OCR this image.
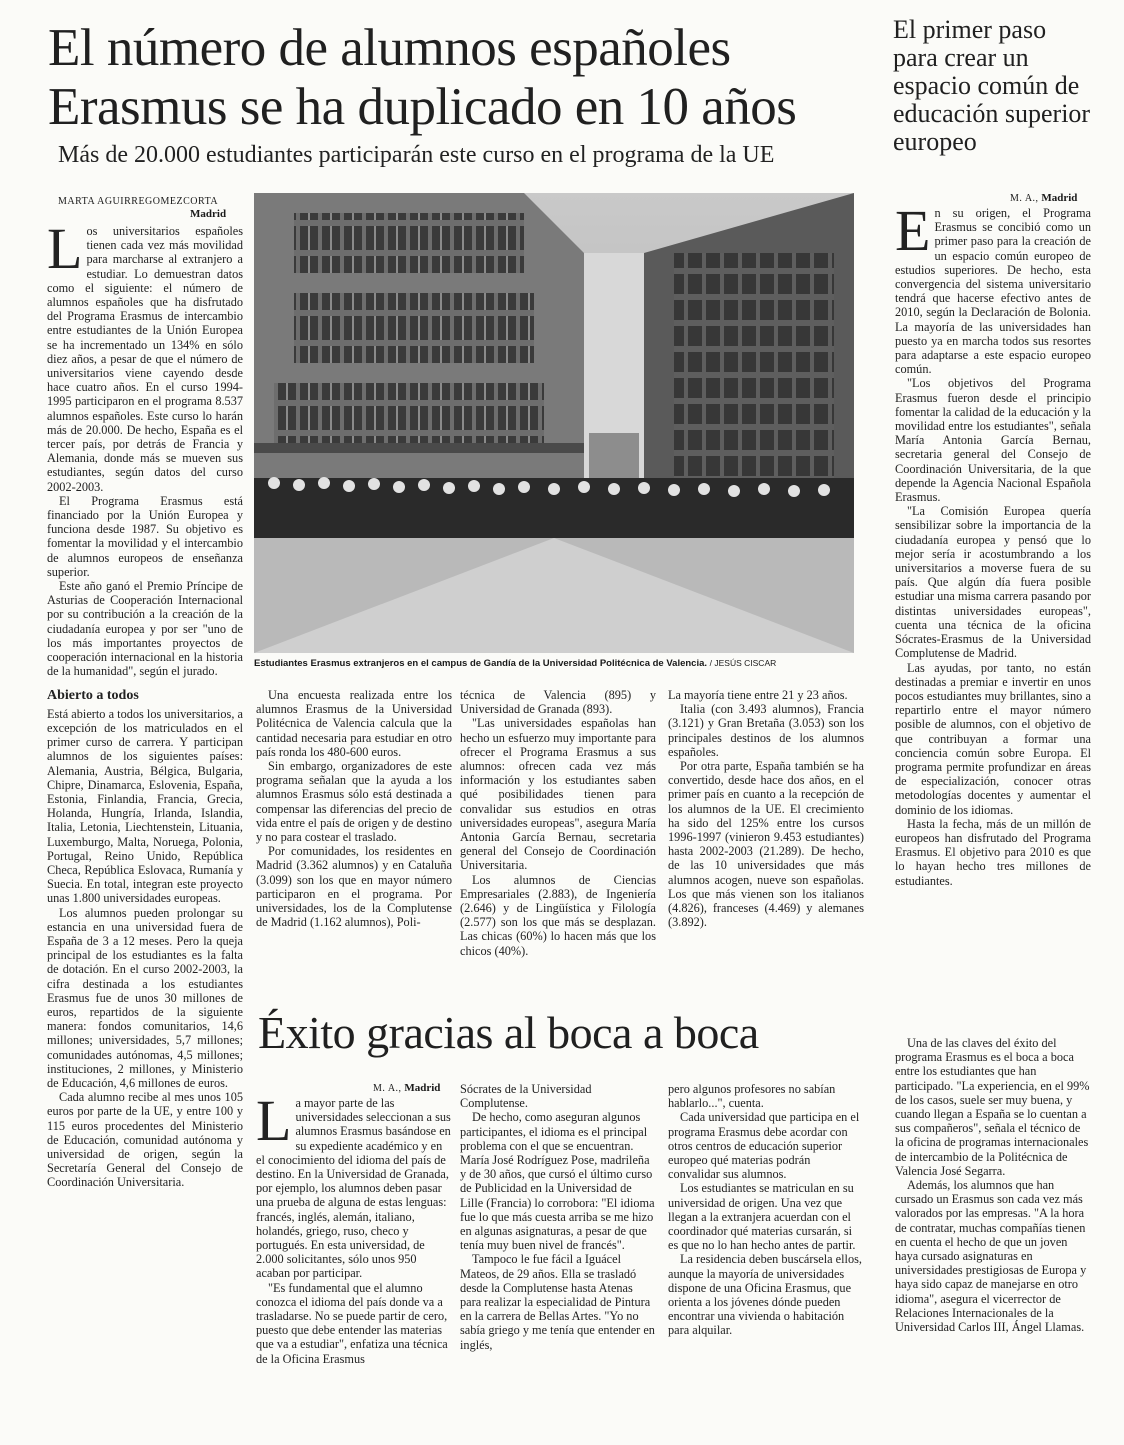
El número de alumnos españoles
Erasmus se ha duplicado en 10 años
Más de 20.000 estudiantes participarán este curso en el programa de la UE
El primer paso para crear un espacio común de educación superior europeo
MARTA AGUIRREGOMEZCORTA
Madrid
L os universitarios españoles tienen cada vez más movilidad para marcharse al extranjero a estudiar. Lo demuestran datos como el siguiente: el número de alumnos españoles que ha disfrutado del Programa Erasmus de intercambio entre estudiantes de la Unión Europea se ha incrementado un 134% en sólo diez años, a pesar de que el número de universitarios viene cayendo desde hace cuatro años. En el curso 1994-1995 participaron en el programa 8.537 alumnos españoles. Este curso lo harán más de 20.000. De hecho, España es el tercer país, por detrás de Francia y Alemania, donde más se mueven sus estudiantes, según datos del curso 2002-2003.

El Programa Erasmus está financiado por la Unión Europea y funciona desde 1987. Su objetivo es fomentar la movilidad y el intercambio de alumnos europeos de enseñanza superior.

Este año ganó el Premio Príncipe de Asturias de Cooperación Internacional por su contribución a la creación de la ciudadanía europea y por ser "uno de los más importantes proyectos de cooperación internacional en la historia de la humanidad", según el jurado.

Abierto a todos

Está abierto a todos los universitarios, a excepción de los matriculados en el primer curso de carrera. Y participan alumnos de los siguientes países: Alemania, Austria, Bélgica, Bulgaria, Chipre, Dinamarca, Eslovenia, España, Estonia, Finlandia, Francia, Grecia, Holanda, Hungría, Irlanda, Islandia, Italia, Letonia, Liechtenstein, Lituania, Luxemburgo, Malta, Noruega, Polonia, Portugal, Reino Unido, República Checa, República Eslovaca, Rumanía y Suecia. En total, integran este proyecto unas 1.800 universidades europeas.

Los alumnos pueden prolongar su estancia en una universidad fuera de España de 3 a 12 meses. Pero la queja principal de los estudiantes es la falta de dotación. En el curso 2002-2003, la cifra destinada a los estudiantes Erasmus fue de unos 30 millones de euros, repartidos de la siguiente manera: fondos comunitarios, 14,6 millones; universidades, 5,7 millones; comunidades autónomas, 4,5 millones; instituciones, 2 millones, y Ministerio de Educación, 4,6 millones de euros.

Cada alumno recibe al mes unos 105 euros por parte de la UE, y entre 100 y 115 euros procedentes del Ministerio de Educación, comunidad autónoma y universidad de origen, según la Secretaría General del Consejo de Coordinación Universitaria.

Estudiantes Erasmus extranjeros en el campus de Gandía de la Universidad Politécnica de Valencia. / JESÚS CISCAR

Una encuesta realizada entre los alumnos Erasmus de la Universidad Politécnica de Valencia calcula que la cantidad necesaria para estudiar en otro país ronda los 480-600 euros.

Sin embargo, organizadores de este programa señalan que la ayuda a los alumnos Erasmus sólo está destinada a compensar las diferencias del precio de vida entre el país de origen y de destino y no para costear el traslado.

Por comunidades, los residentes en Madrid (3.362 alumnos) y en Cataluña (3.099) son los que en mayor número participaron en el programa. Por universidades, los de la Complutense de Madrid (1.162 alumnos), Poli-

técnica de Valencia (895) y Universidad de Granada (893).

"Las universidades españolas han hecho un esfuerzo muy importante para ofrecer el Programa Erasmus a sus alumnos: ofrecen cada vez más información y los estudiantes saben qué posibilidades tienen para convalidar sus estudios en otras universidades europeas", asegura María Antonia García Bernau, secretaria general del Consejo de Coordinación Universitaria.

Los alumnos de Ciencias Empresariales (2.883), de Ingeniería (2.646) y de Lingüística y Filología (2.577) son los que más se desplazan. Las chicas (60%) lo hacen más que los chicos (40%).

La mayoría tiene entre 21 y 23 años.

Italia (con 3.493 alumnos), Francia (3.121) y Gran Bretaña (3.053) son los principales destinos de los alumnos españoles.

Por otra parte, España también se ha convertido, desde hace dos años, en el primer país en cuanto a la recepción de los alumnos de la UE. El crecimiento ha sido del 125% entre los cursos 1996-1997 (vinieron 9.453 estudiantes) hasta 2002-2003 (21.289). De hecho, de las 10 universidades que más alumnos acogen, nueve son españolas. Los que más vienen son los italianos (4.826), franceses (4.469) y alemanes (3.892).

M. A., Madrid
E n su origen, el Programa Erasmus se concibió como un primer paso para la creación de un espacio común europeo de estudios superiores. De hecho, esta convergencia del sistema universitario tendrá que hacerse efectivo antes de 2010, según la Declaración de Bolonia. La mayoría de las universidades han puesto ya en marcha todos sus resortes para adaptarse a este espacio europeo común.

"Los objetivos del Programa Erasmus fueron desde el principio fomentar la calidad de la educación y la movilidad entre los estudiantes", señala María Antonia García Bernau, secretaria general del Consejo de Coordinación Universitaria, de la que depende la Agencia Nacional Española Erasmus.

"La Comisión Europea quería sensibilizar sobre la importancia de la ciudadanía europea y pensó que lo mejor sería ir acostumbrando a los universitarios a moverse fuera de su país. Que algún día fuera posible estudiar una misma carrera pasando por distintas universidades europeas", cuenta una técnica de la oficina Sócrates-Erasmus de la Universidad Complutense de Madrid.

Las ayudas, por tanto, no están destinadas a premiar e invertir en unos pocos estudiantes muy brillantes, sino a repartirlo entre el mayor número posible de alumnos, con el objetivo de que contribuyan a formar una conciencia común sobre Europa. El programa permite profundizar en áreas de especialización, conocer otras metodologías docentes y aumentar el dominio de los idiomas.

Hasta la fecha, más de un millón de europeos han disfrutado del Programa Erasmus. El objetivo para 2010 es que lo hayan hecho tres millones de estudiantes.

Éxito gracias al boca a boca
M. A., Madrid
L a mayor parte de las universidades seleccionan a sus alumnos Erasmus basándose en su expediente académico y en el conocimiento del idioma del país de destino. En la Universidad de Granada, por ejemplo, los alumnos deben pasar una prueba de alguna de estas lenguas: francés, inglés, alemán, italiano, holandés, griego, ruso, checo y portugués. En esta universidad, de 2.000 solicitantes, sólo unos 950 acaban por participar.

"Es fundamental que el alumno conozca el idioma del país donde va a trasladarse. No se puede partir de cero, puesto que debe entender las materias que va a estudiar", enfatiza una técnica de la Oficina Erasmus

Sócrates de la Universidad Complutense.

De hecho, como aseguran algunos participantes, el idioma es el principal problema con el que se encuentran. María José Rodríguez Pose, madrileña y de 30 años, que cursó el último curso de Publicidad en la Universidad de Lille (Francia) lo corrobora: "El idioma fue lo que más cuesta arriba se me hizo en algunas asignaturas, a pesar de que tenía muy buen nivel de francés".

Tampoco le fue fácil a Iguácel Mateos, de 29 años. Ella se trasladó desde la Complutense hasta Atenas para realizar la especialidad de Pintura en la carrera de Bellas Artes. "Yo no sabía griego y me tenía que entender en inglés,

pero algunos profesores no sabían hablarlo...", cuenta.

Cada universidad que participa en el programa Erasmus debe acordar con otros centros de educación superior europeo qué materias podrán convalidar sus alumnos.

Los estudiantes se matriculan en su universidad de origen. Una vez que llegan a la extranjera acuerdan con el coordinador qué materias cursarán, si es que no lo han hecho antes de partir.

La residencia deben buscársela ellos, aunque la mayoría de universidades dispone de una Oficina Erasmus, que orienta a los jóvenes dónde pueden encontrar una vivienda o habitación para alquilar.

Una de las claves del éxito del programa Erasmus es el boca a boca entre los estudiantes que han participado. "La experiencia, en el 99% de los casos, suele ser muy buena, y cuando llegan a España se lo cuentan a sus compañeros", señala el técnico de la oficina de programas internacionales de intercambio de la Politécnica de Valencia José Segarra.

Además, los alumnos que han cursado un Erasmus son cada vez más valorados por las empresas. "A la hora de contratar, muchas compañías tienen en cuenta el hecho de que un joven haya cursado asignaturas en universidades prestigiosas de Europa y haya sido capaz de manejarse en otro idioma", asegura el vicerrector de Relaciones Internacionales de la Universidad Carlos III, Ángel Llamas.
